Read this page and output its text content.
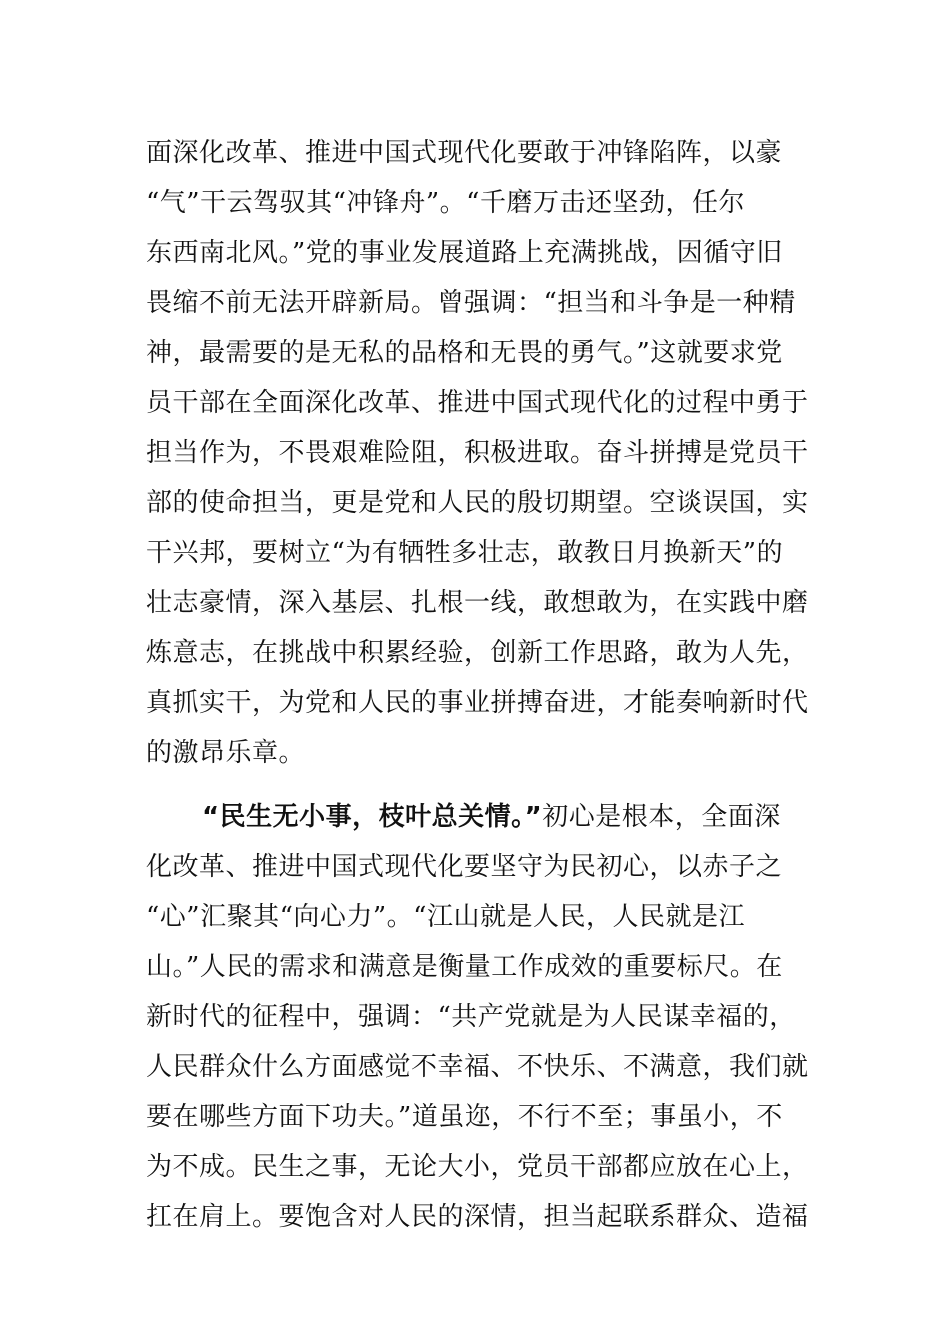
面深化改革、推进中国式现代化要敢于冲锋陷阵，以豪
“气”干云驾驭其“冲锋舟”。“千磨万击还坚劲，任尔
东西南北风。”党的事业发展道路上充满挑战，因循守旧
畏缩不前无法开辟新局。曾强调：“担当和斗争是一种精
神，最需要的是无私的品格和无畏的勇气。”这就要求党
员干部在全面深化改革、推进中国式现代化的过程中勇于
担当作为，不畏艰难险阻，积极进取。奋斗拼搏是党员干
部的使命担当，更是党和人民的殷切期望。空谈误国，实
干兴邦，要树立“为有牺牲多壮志，敢教日月换新天”的
壮志豪情，深入基层、扎根一线，敢想敢为，在实践中磨
炼意志，在挑战中积累经验，创新工作思路，敢为人先，
真抓实干，为党和人民的事业拼搏奋进，才能奏响新时代
的激昂乐章。
“民生无小事，枝叶总关情。”初心是根本，全面深
化改革、推进中国式现代化要坚守为民初心，以赤子之
“心”汇聚其“向心力”。“江山就是人民，人民就是江
山。”人民的需求和满意是衡量工作成效的重要标尺。在
新时代的征程中，强调：“共产党就是为人民谋幸福的，
人民群众什么方面感觉不幸福、不快乐、不满意，我们就
要在哪些方面下功夫。”道虽迩，不行不至；事虽小，不
为不成。民生之事，无论大小，党员干部都应放在心上，
扛在肩上。要饱含对人民的深情，担当起联系群众、造福
